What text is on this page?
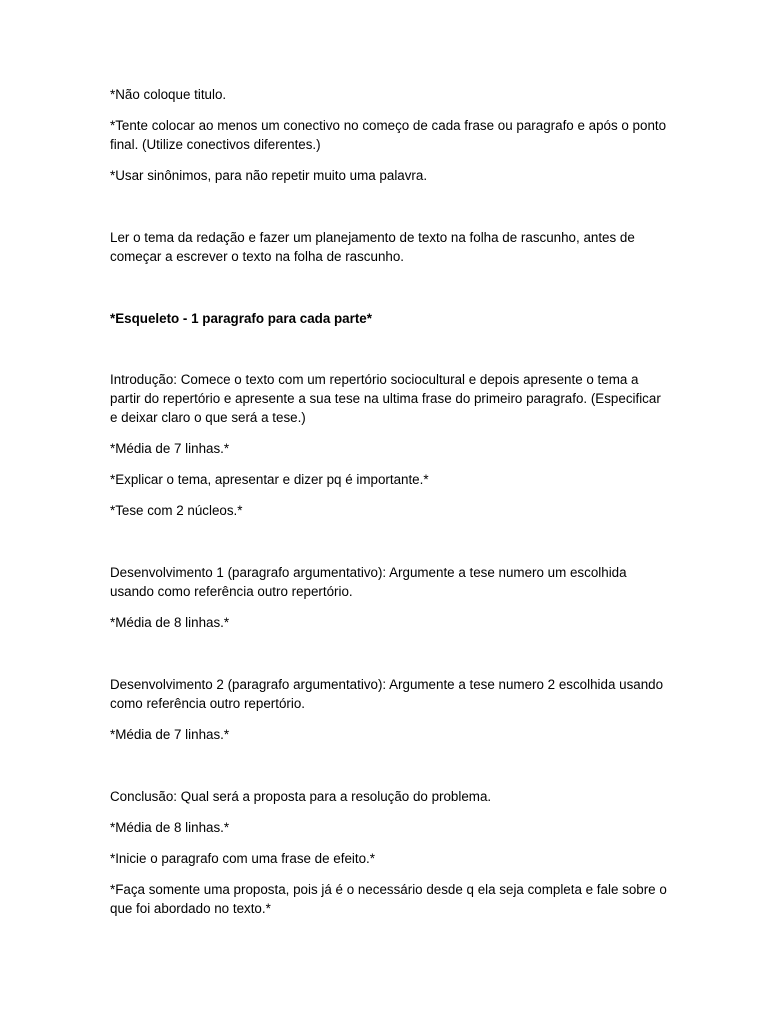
*Não coloque titulo.

*Tente colocar ao menos um conectivo no começo de cada frase ou paragrafo e após o ponto

final. (Utilize conectivos diferentes.)

*Usar sinônimos, para não repetir muito uma palavra.

Ler o tema da redação e fazer um planejamento de texto na folha de rascunho, antes de

começar a escrever o texto na folha de rascunho.

*Esqueleto - 1 paragrafo para cada parte*

Introdução: Comece o texto com um repertório sociocultural e depois apresente o tema a

partir do repertório e apresente a sua tese na ultima frase do primeiro paragrafo. (Especificar

e deixar claro o que será a tese.)

*Média de 7 linhas.*

*Explicar o tema, apresentar e dizer pq é importante.*

*Tese com 2 núcleos.*

Desenvolvimento 1 (paragrafo argumentativo): Argumente a tese numero um escolhida

usando como referência outro repertório.

*Média de 8 linhas.*

Desenvolvimento 2 (paragrafo argumentativo): Argumente a tese numero 2 escolhida usando

como referência outro repertório.

*Média de 7 linhas.*

Conclusão: Qual será a proposta para a resolução do problema.

*Média de 8 linhas.*

*Inicie o paragrafo com uma frase de efeito.*

*Faça somente uma proposta, pois já é o necessário desde q ela seja completa e fale sobre o

que foi abordado no texto.*
